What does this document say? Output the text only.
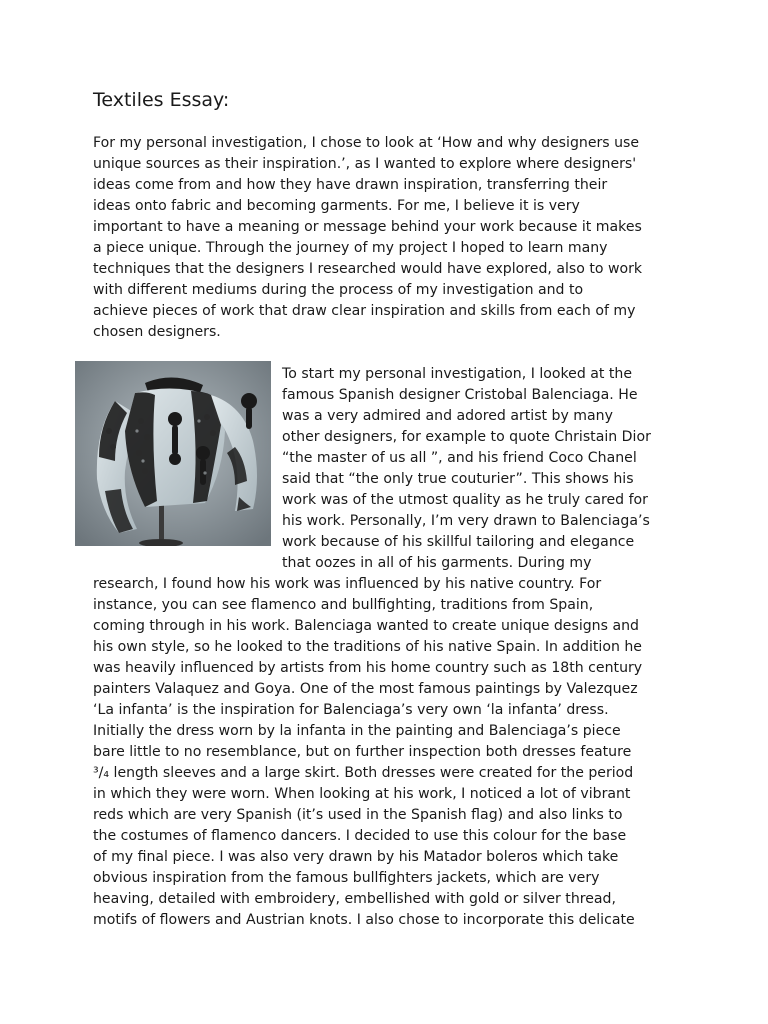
Textiles Essay:
For my personal investigation, I chose to look at ‘How and why designers use
unique sources as their inspiration.’, as I wanted to explore where designers'
ideas come from and how they have drawn inspiration, transferring their
ideas onto fabric and becoming garments. For me, I believe it is very
important to have a meaning or message behind your work because it makes
a piece unique. Through the journey of my project I hoped to learn many
techniques that the designers I researched would have explored, also to work
with different mediums during the process of my investigation and to
achieve pieces of work that draw clear inspiration and skills from each of my
chosen designers.
To start my personal investigation, I looked at the
famous Spanish designer Cristobal Balenciaga. He
was a very admired and adored artist by many
other designers, for example to quote Christain Dior
“the master of us all ”, and his friend Coco Chanel
said that “the only true couturier”. This shows his
work was of the utmost quality as he truly cared for
his work. Personally, I’m very drawn to Balenciaga’s
work because of his skillful tailoring and elegance
that oozes in all of his garments. During my
research, I found how his work was influenced by his native country. For
instance, you can see flamenco and bullfighting, traditions from Spain,
coming through in his work. Balenciaga wanted to create unique designs and
his own style, so he looked to the traditions of his native Spain. In addition he
was heavily influenced by artists from his home country such as 18th century
painters Valaquez and Goya. One of the most famous paintings by Valezquez
‘La infanta’ is the inspiration for Balenciaga’s very own ‘la infanta’ dress.
Initially the dress worn by la infanta in the painting and Balenciaga’s piece
bare little to no resemblance, but on further inspection both dresses feature
³/₄ length sleeves and a large skirt. Both dresses were created for the period
in which they were worn. When looking at his work, I noticed a lot of vibrant
reds which are very Spanish (it’s used in the Spanish flag) and also links to
the costumes of flamenco dancers. I decided to use this colour for the base
of my final piece. I was also very drawn by his Matador boleros which take
obvious inspiration from the famous bullfighters jackets, which are very
heaving, detailed with embroidery, embellished with gold or silver thread,
motifs of flowers and Austrian knots. I also chose to incorporate this delicate
